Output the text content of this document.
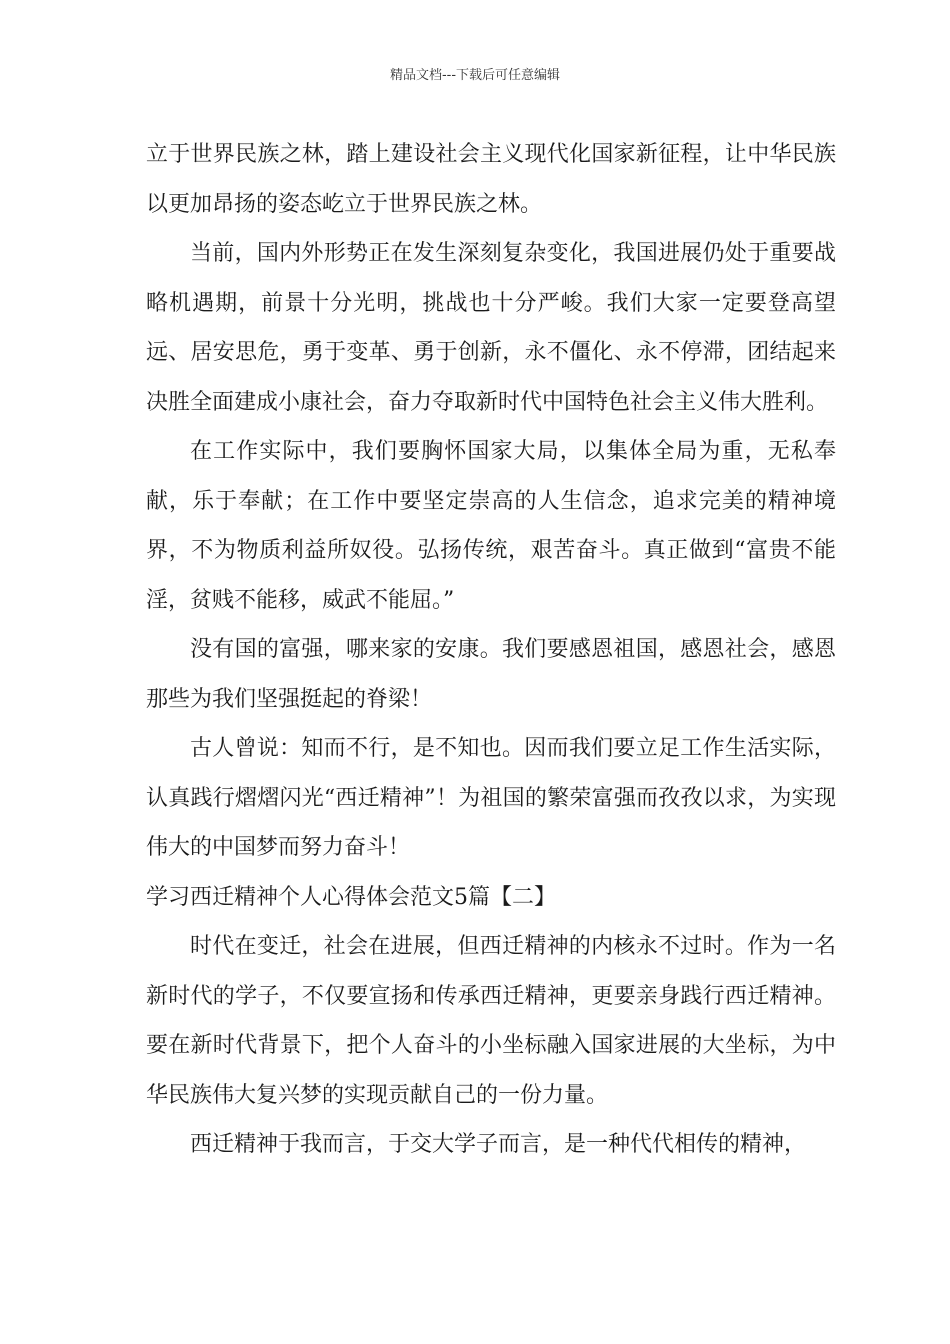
精品文档---下载后可任意编辑

立于世界民族之林，踏上建设社会主义现代化国家新征程，让中华民族以更加昂扬的姿态屹立于世界民族之林。

当前，国内外形势正在发生深刻复杂变化，我国进展仍处于重要战略机遇期，前景十分光明，挑战也十分严峻。我们大家一定要登高望远、居安思危，勇于变革、勇于创新，永不僵化、永不停滞，团结起来决胜全面建成小康社会，奋力夺取新时代中国特色社会主义伟大胜利。

在工作实际中，我们要胸怀国家大局，以集体全局为重，无私奉献，乐于奉献；在工作中要坚定崇高的人生信念，追求完美的精神境界，不为物质利益所奴役。弘扬传统，艰苦奋斗。真正做到“富贵不能淫，贫贱不能移，威武不能屈。”

没有国的富强，哪来家的安康。我们要感恩祖国，感恩社会，感恩那些为我们坚强挺起的脊梁！

古人曾说：知而不行，是不知也。因而我们要立足工作生活实际，认真践行熠熠闪光“西迁精神”！为祖国的繁荣富强而孜孜以求，为实现伟大的中国梦而努力奋斗！

学习西迁精神个人心得体会范文5篇【二】

时代在变迁，社会在进展，但西迁精神的内核永不过时。作为一名新时代的学子，不仅要宣扬和传承西迁精神，更要亲身践行西迁精神。要在新时代背景下，把个人奋斗的小坐标融入国家进展的大坐标，为中华民族伟大复兴梦的实现贡献自己的一份力量。

西迁精神于我而言，于交大学子而言，是一种代代相传的精神，
